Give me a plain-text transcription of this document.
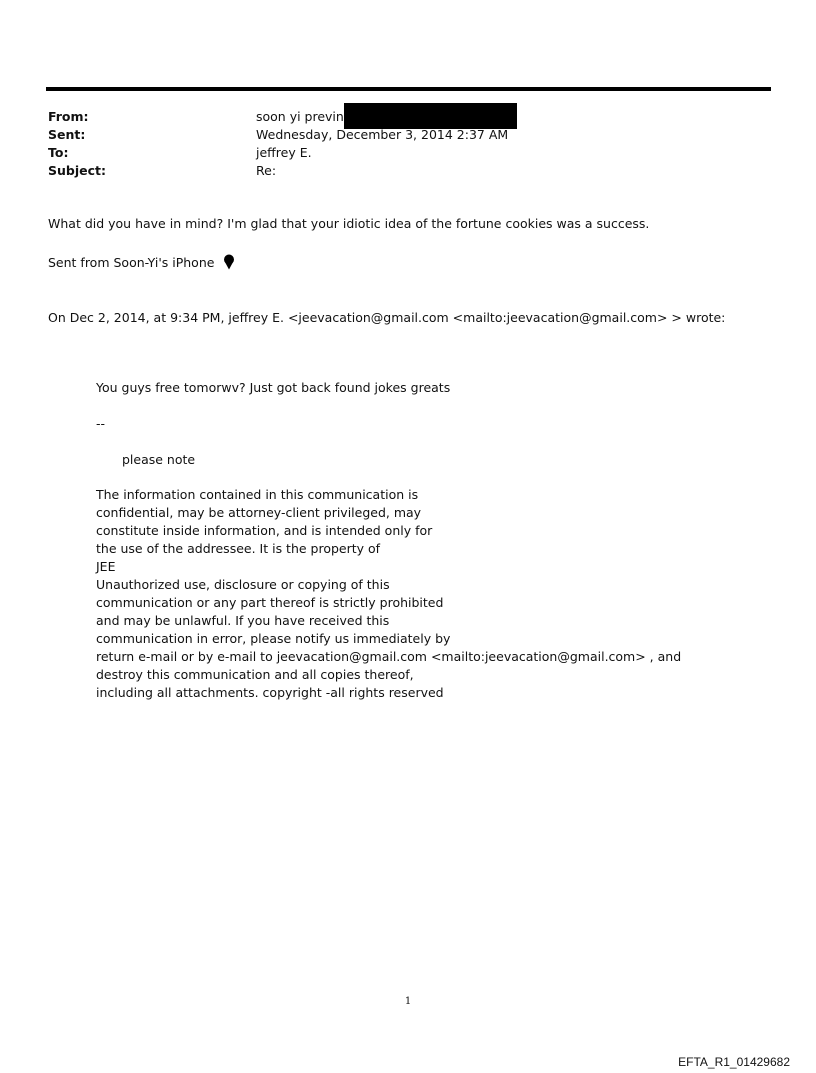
From:	soon yi previn
Sent:	Wednesday, December 3, 2014 2:37 AM
To:	jeffrey E.
Subject:	Re:
What did you have in mind? I'm glad that your idiotic idea of the fortune cookies was a success.
Sent from Soon-Yi's iPhone
On Dec 2, 2014, at 9:34 PM, jeffrey E. <jeevacation@gmail.com <mailto:jeevacation@gmail.com> > wrote:
You guys free tomorwv? Just got back found jokes greats
--
please note
The information contained in this communication is
confidential, may be attorney-client privileged, may
constitute inside information, and is intended only for
the use of the addressee. It is the property of
JEE
Unauthorized use, disclosure or copying of this
communication or any part thereof is strictly prohibited
and may be unlawful. If you have received this
communication in error, please notify us immediately by
return e-mail or by e-mail to jeevacation@gmail.com <mailto:jeevacation@gmail.com> , and
destroy this communication and all copies thereof,
including all attachments. copyright -all rights reserved
1
EFTA_R1_01429682
